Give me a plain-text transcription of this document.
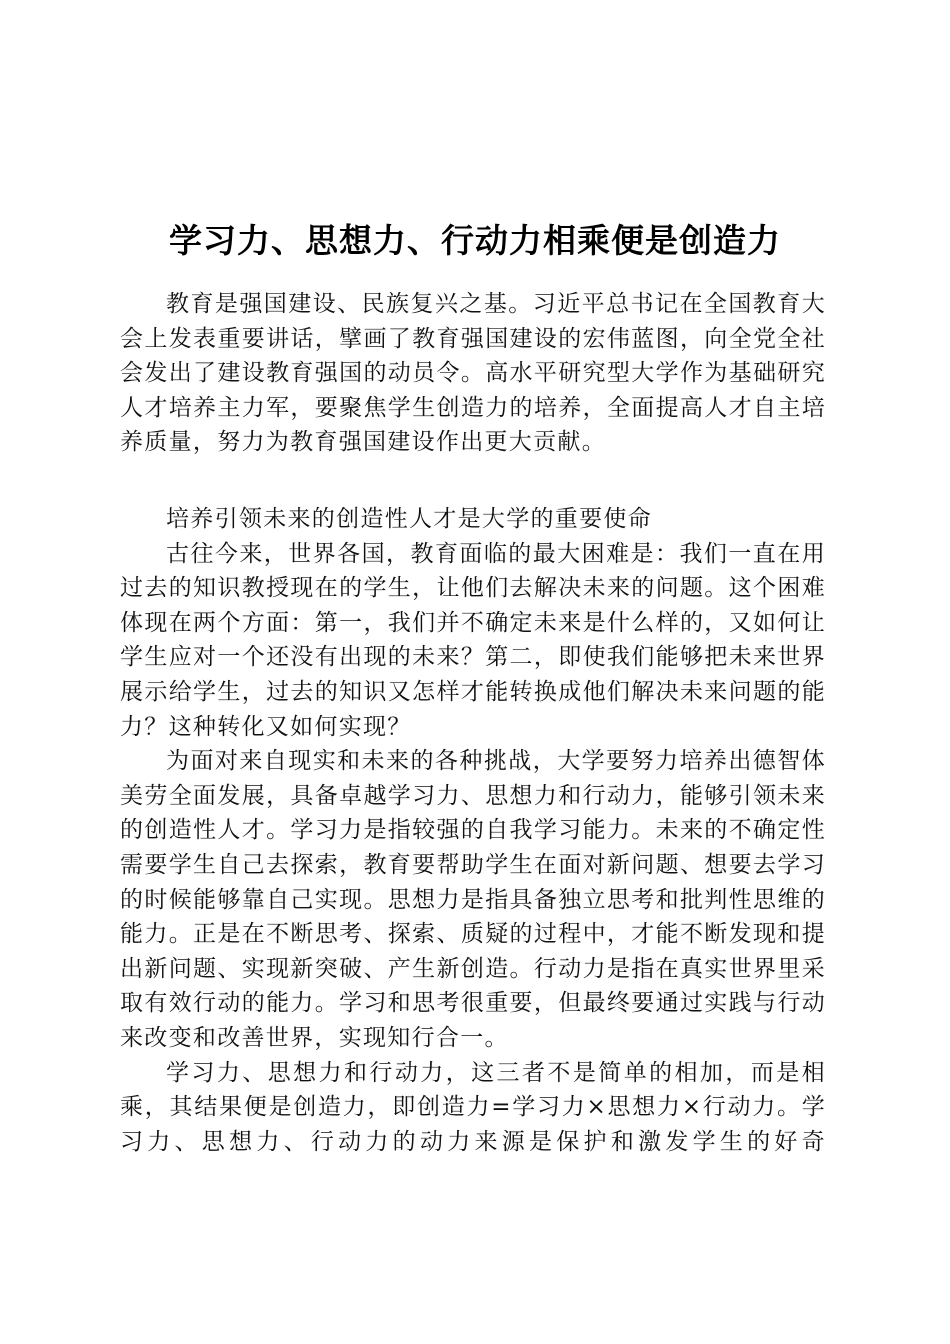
学习力、思想力、行动力相乘便是创造力

教育是强国建设、民族复兴之基。习近平总书记在全国教育大会上发表重要讲话，擘画了教育强国建设的宏伟蓝图，向全党全社会发出了建设教育强国的动员令。高水平研究型大学作为基础研究人才培养主力军，要聚焦学生创造力的培养，全面提高人才自主培养质量，努力为教育强国建设作出更大贡献。

培养引领未来的创造性人才是大学的重要使命

古往今来，世界各国，教育面临的最大困难是：我们一直在用过去的知识教授现在的学生，让他们去解决未来的问题。这个困难体现在两个方面：第一，我们并不确定未来是什么样的，又如何让学生应对一个还没有出现的未来？第二，即使我们能够把未来世界展示给学生，过去的知识又怎样才能转换成他们解决未来问题的能力？这种转化又如何实现？

为面对来自现实和未来的各种挑战，大学要努力培养出德智体美劳全面发展，具备卓越学习力、思想力和行动力，能够引领未来的创造性人才。学习力是指较强的自我学习能力。未来的不确定性需要学生自己去探索，教育要帮助学生在面对新问题、想要去学习的时候能够靠自己实现。思想力是指具备独立思考和批判性思维的能力。正是在不断思考、探索、质疑的过程中，才能不断发现和提出新问题、实现新突破、产生新创造。行动力是指在真实世界里采取有效行动的能力。学习和思考很重要，但最终要通过实践与行动来改变和改善世界，实现知行合一。

学习力、思想力和行动力，这三者不是简单的相加，而是相乘，其结果便是创造力，即创造力=学习力×思想力×行动力。学习力、思想力、行动力的动力来源是保护和激发学生的好奇
